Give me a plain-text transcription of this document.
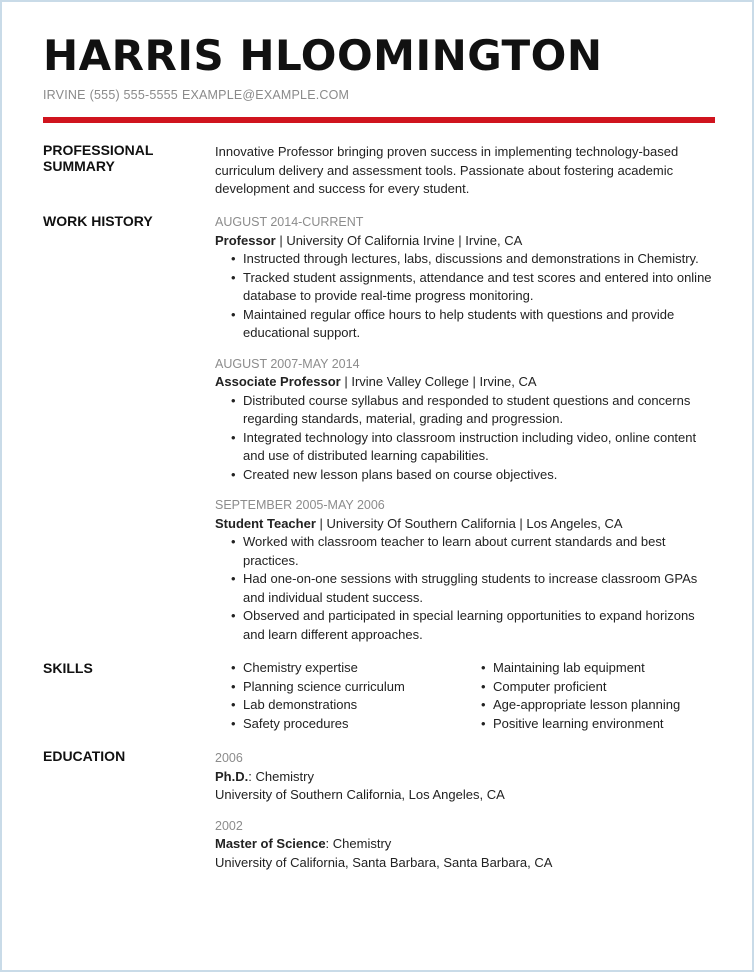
HARRIS HLOOMINGTON
IRVINE (555) 555-5555 EXAMPLE@EXAMPLE.COM
PROFESSIONAL SUMMARY
Innovative Professor bringing proven success in implementing technology-based curriculum delivery and assessment tools. Passionate about fostering academic development and success for every student.
WORK HISTORY	AUGUST 2014-CURRENT
Professor | University Of California Irvine | Irvine, CA
• Instructed through lectures, labs, discussions and demonstrations in Chemistry.
• Tracked student assignments, attendance and test scores and entered into online database to provide real-time progress monitoring.
• Maintained regular office hours to help students with questions and provide educational support.
AUGUST 2007-MAY 2014
Associate Professor | Irvine Valley College | Irvine, CA
• Distributed course syllabus and responded to student questions and concerns regarding standards, material, grading and progression.
• Integrated technology into classroom instruction including video, online content and use of distributed learning capabilities.
• Created new lesson plans based on course objectives.
SEPTEMBER 2005-MAY 2006
Student Teacher | University Of Southern California | Los Angeles, CA
• Worked with classroom teacher to learn about current standards and best practices.
• Had one-on-one sessions with struggling students to increase classroom GPAs and individual student success.
• Observed and participated in special learning opportunities to expand horizons and learn different approaches.
SKILLS
•	Chemistry expertise
• Planning science curriculum
• Lab demonstrations
• Safety procedures
• Maintaining lab equipment
• Computer proficient
• Age-appropriate lesson planning
• Positive learning environment
EDUCATION	2006
Ph.D.: Chemistry
University of Southern California, Los Angeles, CA
2002
Master of Science: Chemistry
University of California, Santa Barbara, Santa Barbara, CA
